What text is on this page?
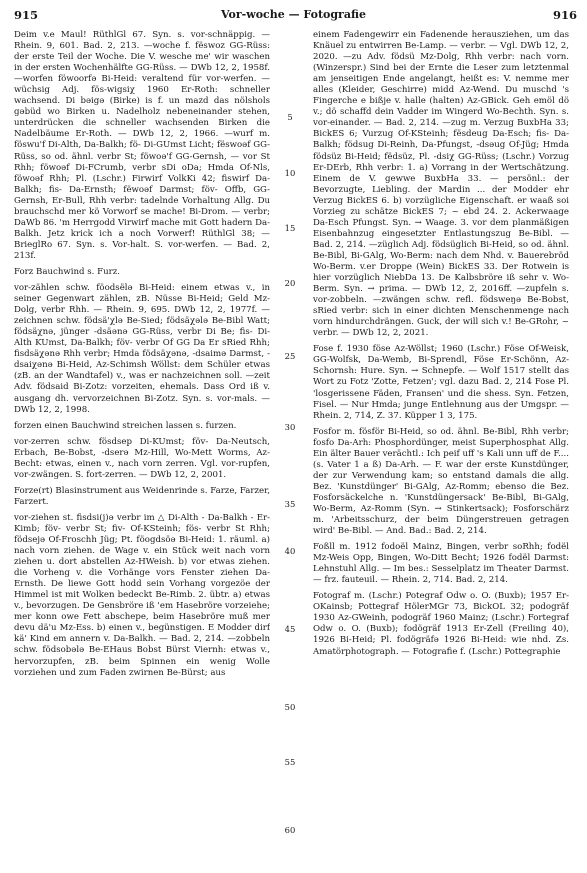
915	Vor-woche — Fotografie	916

Deim v.e Maul! RüthlGl 67. Syn. s. vor-schnäppig. — Rhein. 9, 601. Bad. 2, 213. —woche f. fëswoz GG-Rüss: der erste Teil der Woche. Die V. wesche me' wir waschen in der ersten Wochenhälfte GG-Rüss. — DWb 12, 2, 1958f. —worfen föwoorfə Bi-Heid: veraltend für vor-werfen. —wüchsig Adj. fös-wigsiχ 1960 Er-Roth: schneller wachsend. Di bəigə (Birke) is f. un mazd das nölshols gəbüd wo Birken u. Nadelholz nebeneinander stehen, unterdrücken die schneller wachsenden Birken die Nadelbäume Er-Roth. — DWb 12, 2, 1966. —wurf m. föswu'f Di-Alth, Da-Balkh; fö- Di-GUmst Licht; fëswoəf GG-Rüss, so od. ähnl. verbr St; föwoə'f GG-Gernsh, — vor St Rhh; föwoəf Di-FCrumb, verbr sDi oDa; Hmda Of-Nls, föwoəf Rhh; Pl. (Lschr.) Firwirf VolkKi 42; fiswirf Da-Balkh; fis- Da-Ernsth; fëwoəf Darmst; föv- Offb, GG-Gernsh, Er-Bull, Rhh verbr: tadelnde Vorhaltung Allg. Du brauchschd mer kö Vorworf se mache! Bi-Drom. — verbr; DaWb 86. 'm Herrgodd Virwirf mache mit Gott hadern Da-Balkh. Jetz krick ich a noch Vorwerf! RüthlGl 38; — BrieglRo 67. Syn. s. Vor-halt. S. vor-werfen. — Bad. 2, 213f.

Forz Bauchwind s. Furz.

vor-zählen schw. föodsëlə Bi-Heid: einem etwas v., in seiner Gegenwart zählen, zB. Nüsse Bi-Heid; Geld Mz-Dolg, verbr Rhh. — Rhein. 9, 695. DWb 12, 2, 1977f. —zeichnen schw. födsä'χlə Be-Sied; födsäχələ Be-Bibl Watt; födsäχnə, jünger -dsäənə GG-Rüss, verbr Di Be; fis- Di-Alth KUmst, Da-Balkh; föv- verbr Of GG Da Er sRied Rhh; fisdsäχənə Rhh verbr; Hmda födsäχənə, -dsaimə Darmst, -dsaiχənə Bi-Heid, Az-Schimsh Wöllst: dem Schüler etwas (zB. an der Wandtafel) v., was er nachzeichnen soll. —zeit Adv. födsaid Bi-Zotz: vorzeiten, ehemals. Dass Ord iß v. ausgang dh. vervorzeichnen Bi-Zotz. Syn. s. vor-mals. — DWb 12, 2, 1998.

forzen einen Bauchwind streichen lassen s. furzen.

vor-zerren schw. fösdsep Di-KUmst; föv- Da-Neutsch, Erbach, Be-Bobst, -dserə Mz-Hill, Wo-Mett Worms, Az-Becht: etwas, einen v., nach vorn zerren. Vgl. vor-rupfen, vor-zwängen. S. fort-zerren. — DWb 12, 2, 2001.

Forze(rt) Blasinstrument aus Weidenrinde s. Farze, Farzer, Farzert.

vor-ziehen st. fisdsi(j)ə verbr im △ Di-Alth - Da-Balkh - Er-Kimb; föv- verbr St; fiv- Of-KSteinh; fös- verbr St Rhh; födsejə Of-Froschh Jüg; Pt. föogdsöə Bi-Heid: 1. räuml. a) nach vorn ziehen. de Wage v. ein Stück weit nach vorn ziehen u. dort abstellen Az-HWeish. b) vor etwas ziehen. die Vorheng v. die Vorhänge vors Fenster ziehen Da-Ernsth. De liewe Gott hodd sein Vorhang vorgezöe der Himmel ist mit Wolken bedeckt Be-Rimb. 2. übtr. a) etwas v., bevorzugen. De Gensbröre iß 'em Hasebröre vorzeiehe; mer konn owe Fett abschepe, beim Hasebröre muß mer devu dä'u Mz-Ess. b) einen v., begünstigen. E Modder dirf kä' Kind em annern v. Da-Balkh. — Bad. 2, 214. —zobbeln schw. födsobələ Be-EHaus Bobst Bürst Viernh: etwas v., hervorzupfen, zB. beim Spinnen ein wenig Wolle vorziehen und zum Faden zwirnen Be-Bürst; aus

5
10
15
20
25
30
35
40
45
50
55
60

einem Fadengewirr ein Fadenende herausziehen, um das Knäuel zu entwirren Be-Lamp. — verbr. — Vgl. DWb 12, 2, 2020. —zu Adv. födsü Mz-Dolg, Rhh verbr: nach vorn. (Winzerspr.) Sind bei der Ernte die Leser zum letztenmal am jenseitigen Ende angelangt, heißt es: V. nemme mer alles (Kleider, Geschirre) midd Az-Wend. Du muschd 's Fingerche e bißje v. halle (halten) Az-GBick. Geh emöl dö v.; dö schaffd dein Vadder im Wingerd Wo-Bechth. Syn. s. vor-einander. — Bad. 2, 214. —zug m. Verzug BuxbHa 33; BickES 6; Vurzug Of-KSteinh; fësdeug Da-Esch; fis- Da-Balkh; födsug Di-Reinh, Da-Pfungst, -dsəug Of-Jüg; Hmda födsüz Bi-Heid; fëdsüz, Pl. -dsiχ GG-Rüss; (Lschr.) Vorzug Er-DErb, Rhh verbr: 1. a) Vorrang in der Wertschätzung. Einem de V. gewwe BuxbHa 33. — persönl.: der Bevorzugte, Liebling. der Mardin ... der Modder ehr Verzug BickES 6. b) vorzügliche Eigenschaft. er waaß soi Vorzieg zu schätze BickES 7; ~ ebd 24. 2. Ackerwaage Da-Esch Pfungst. Syn. → Waage. 3. vor dem planmäßigen Eisenbahnzug eingesetzter Entlastungszug Be-Bibl. — Bad. 2, 214. —züglich Adj. födsüglich Bi-Heid, so od. ähnl. Be-Bibl, Bi-GAlg, Wo-Berm: nach dem Nhd. v. Bauerebröd Wo-Berm. v.er Droppe (Wein) BickES 33. Der Rotwein is hier vorzüglich NiebDa 13. De Kalbsbröre iß sehr v. Wo-Berm. Syn. → prima. — DWb 12, 2, 2016ff. —zupfeln s. vor-zobbeln. —zwängen schw. refl. födsweŋə Be-Bobst, sRied verbr: sich in einer dichten Menschenmenge nach vorn hindurchdrängen. Guck, der will sich v.! Be-GRohr, ~ verbr. — DWb 12, 2, 2021.

Fose f. 1930 föse Az-Wöllst; 1960 (Lschr.) Föse Of-Weisk, GG-Wolfsk, Da-Wemb, Bi-Sprendl, Föse Er-Schönn, Az-Schornsh: Hure. Syn. → Schnepfe. — Wolf 1517 stellt das Wort zu Fotz 'Zotte, Fetzen'; vgl. dazu Bad. 2, 214 Fose Pl. 'losgerissene Fäden, Fransen' und die shess. Syn. Fetzen, Fisel. — Nur Hmda; junge Entlehnung aus der Umgspr. — Rhein. 2, 714, Z. 37. Küpper 1 3, 175.

Fosfor m. fösför Bi-Heid, so od. ähnl. Be-Bibl, Rhh verbr; fosfo Da-Arh: Phosphordünger, meist Superphosphat Allg. Ein älter Bauer verächtl.: Ich peif uff 's Kali unn uff de F.... (s. Vater 1 a ß) Da-Arh. — F. war der erste Kunstdünger, der zur Verwendung kam; so entstand damals die allg. Bez. 'Kunstdünger' Bi-GAlg, Az-Romm; ebenso die Bez. Fosforsäckelche n. 'Kunstdüngersack' Be-Bibl, Bi-GAlg, Wo-Berm, Az-Romm (Syn. → Stinkertsack); Fosforschärz m. 'Arbeitsschurz, der beim Düngerstreuen getragen wird' Be-Bibl. — And. Bad.: Bad. 2, 214.

Foßll m. 1912 fodoël Mainz, Bingen, verbr soRhh; fodël Mz-Weis Opp, Bingen, Wo-Ditt Becht; 1926 fodël Darmst: Lehnstuhl Allg. — Im bes.: Sesselplatz im Theater Darmst. — frz. fauteuil. — Rhein. 2, 714. Bad. 2, 214.

Fotograf m. (Lschr.) Potegraf Odw o. O. (Buxb); 1957 Er-OKainsb; Pottegraf HölerMGr 73, BickOL 32; podogräf 1930 Az-GWeinh, podogräf 1960 Mainz; (Lschr.) Fortegraf Odw o. O. (Buxb); fodögräf 1913 Er-Zell (Freiling 40), 1926 Bi-Heid; Pl. fodögräfə 1926 Bi-Heid: wie nhd. Zs. Amatörphotograph. — Fotografie f. (Lschr.) Pottegraphie
